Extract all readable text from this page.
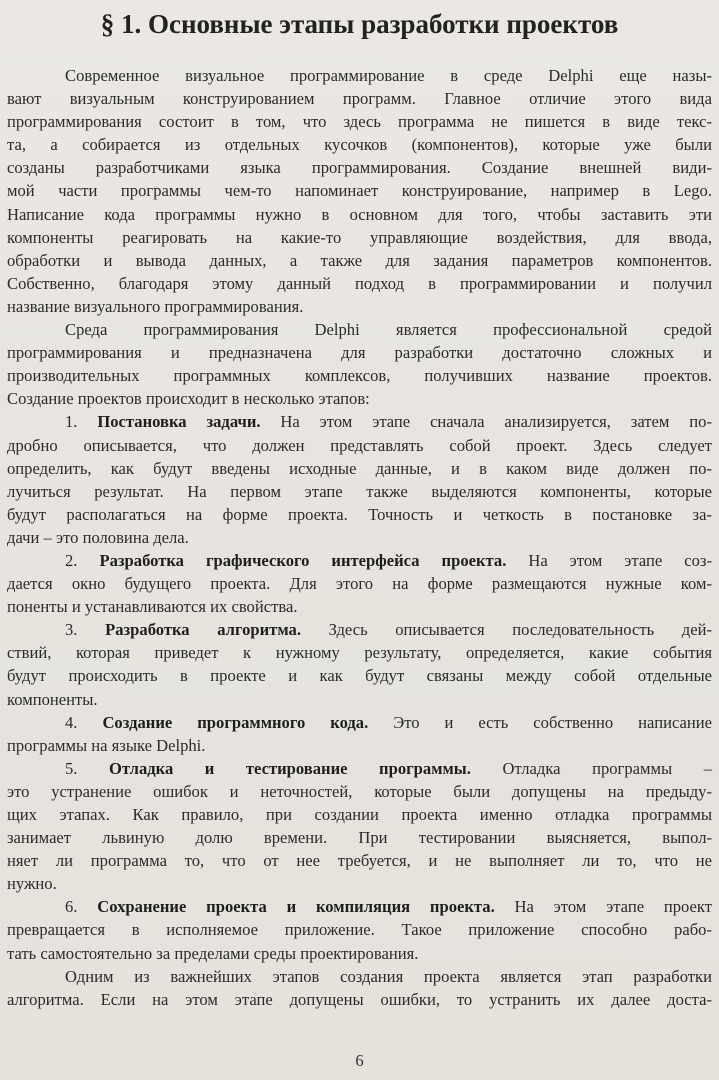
§ 1. Основные этапы разработки проектов
Современное визуальное программирование в среде Delphi еще назы-
вают визуальным конструированием программ. Главное отличие этого вида
программирования состоит в том, что здесь программа не пишется в виде текс-
та, а собирается из отдельных кусочков (компонентов), которые уже были
созданы разработчиками языка программирования. Создание внешней види-
мой части программы чем-то напоминает конструирование, например в Lego.
Написание кода программы нужно в основном для того, чтобы заставить эти
компоненты реагировать на какие-то управляющие воздействия, для ввода,
обработки и вывода данных, а также для задания параметров компонентов.
Собственно, благодаря этому данный подход в программировании и получил
название визуального программирования.
Среда программирования Delphi является профессиональной средой
программирования и предназначена для разработки достаточно сложных и
производительных программных комплексов, получивших название проектов.
Создание проектов происходит в несколько этапов:
1. Постановка задачи. На этом этапе сначала анализируется, затем по-
дробно описывается, что должен представлять собой проект. Здесь следует
определить, как будут введены исходные данные, и в каком виде должен по-
лучиться результат. На первом этапе также выделяются компоненты, которые
будут располагаться на форме проекта. Точность и четкость в постановке за-
дачи – это половина дела.
2. Разработка графического интерфейса проекта. На этом этапе соз-
дается окно будущего проекта. Для этого на форме размещаются нужные ком-
поненты и устанавливаются их свойства.
3. Разработка алгоритма. Здесь описывается последовательность дей-
ствий, которая приведет к нужному результату, определяется, какие события
будут происходить в проекте и как будут связаны между собой отдельные
компоненты.
4. Создание программного кода. Это и есть собственно написание
программы на языке Delphi.
5. Отладка и тестирование программы. Отладка программы –
это устранение ошибок и неточностей, которые были допущены на предыду-
щих этапах. Как правило, при создании проекта именно отладка программы
занимает львиную долю времени. При тестировании выясняется, выпол-
няет ли программа то, что от нее требуется, и не выполняет ли то, что не
нужно.
6. Сохранение проекта и компиляция проекта. На этом этапе проект
превращается в исполняемое приложение. Такое приложение способно рабо-
тать самостоятельно за пределами среды проектирования.
Одним из важнейших этапов создания проекта является этап разработки
алгоритма. Если на этом этапе допущены ошибки, то устранить их далее доста-
6
